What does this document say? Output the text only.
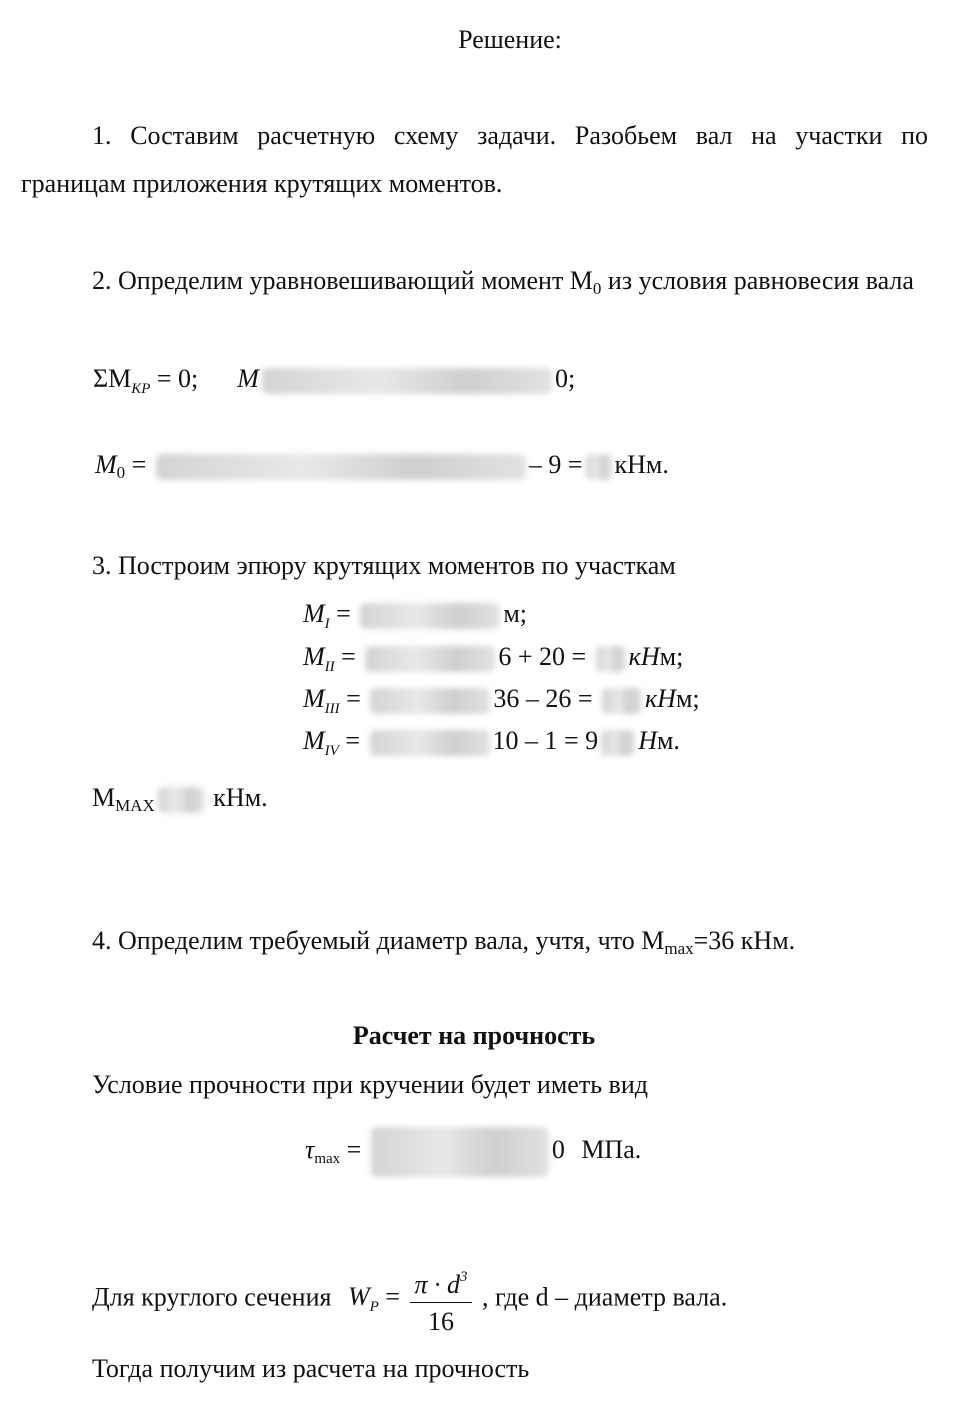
Решение:
1. Составим расчетную схему задачи. Разобьем вал на участки по границам приложения крутящих моментов.
2. Определим уравновешивающий момент $М_0$ из условия равновесия вала
$\Sigma M_{КР} = 0$; M	0;
$M_0$ =	– 9 = кНм.
3. Построим эпюру крутящих моментов по участкам
$M_I$ =	м;
$M_{II}$ =	6 + 20 = кНм;
$M_{III}$ =	36 – 26 = кНм;
$M_{IV}$ =	10 – 1 = 9 Нм.
$М_{МАХ}$ кНм.
4. Определим требуемый диаметр вала, учтя, что $М_{max}=36$ кНм.
Расчет на прочность
Условие прочности при кручении будет иметь вид
$\tau_{max}$ =	0 МПа.
Для круглого сечения $W_P = \frac{\pi \cdot d^3}{16}$ , где d – диаметр вала.
Тогда получим из расчета на прочность
